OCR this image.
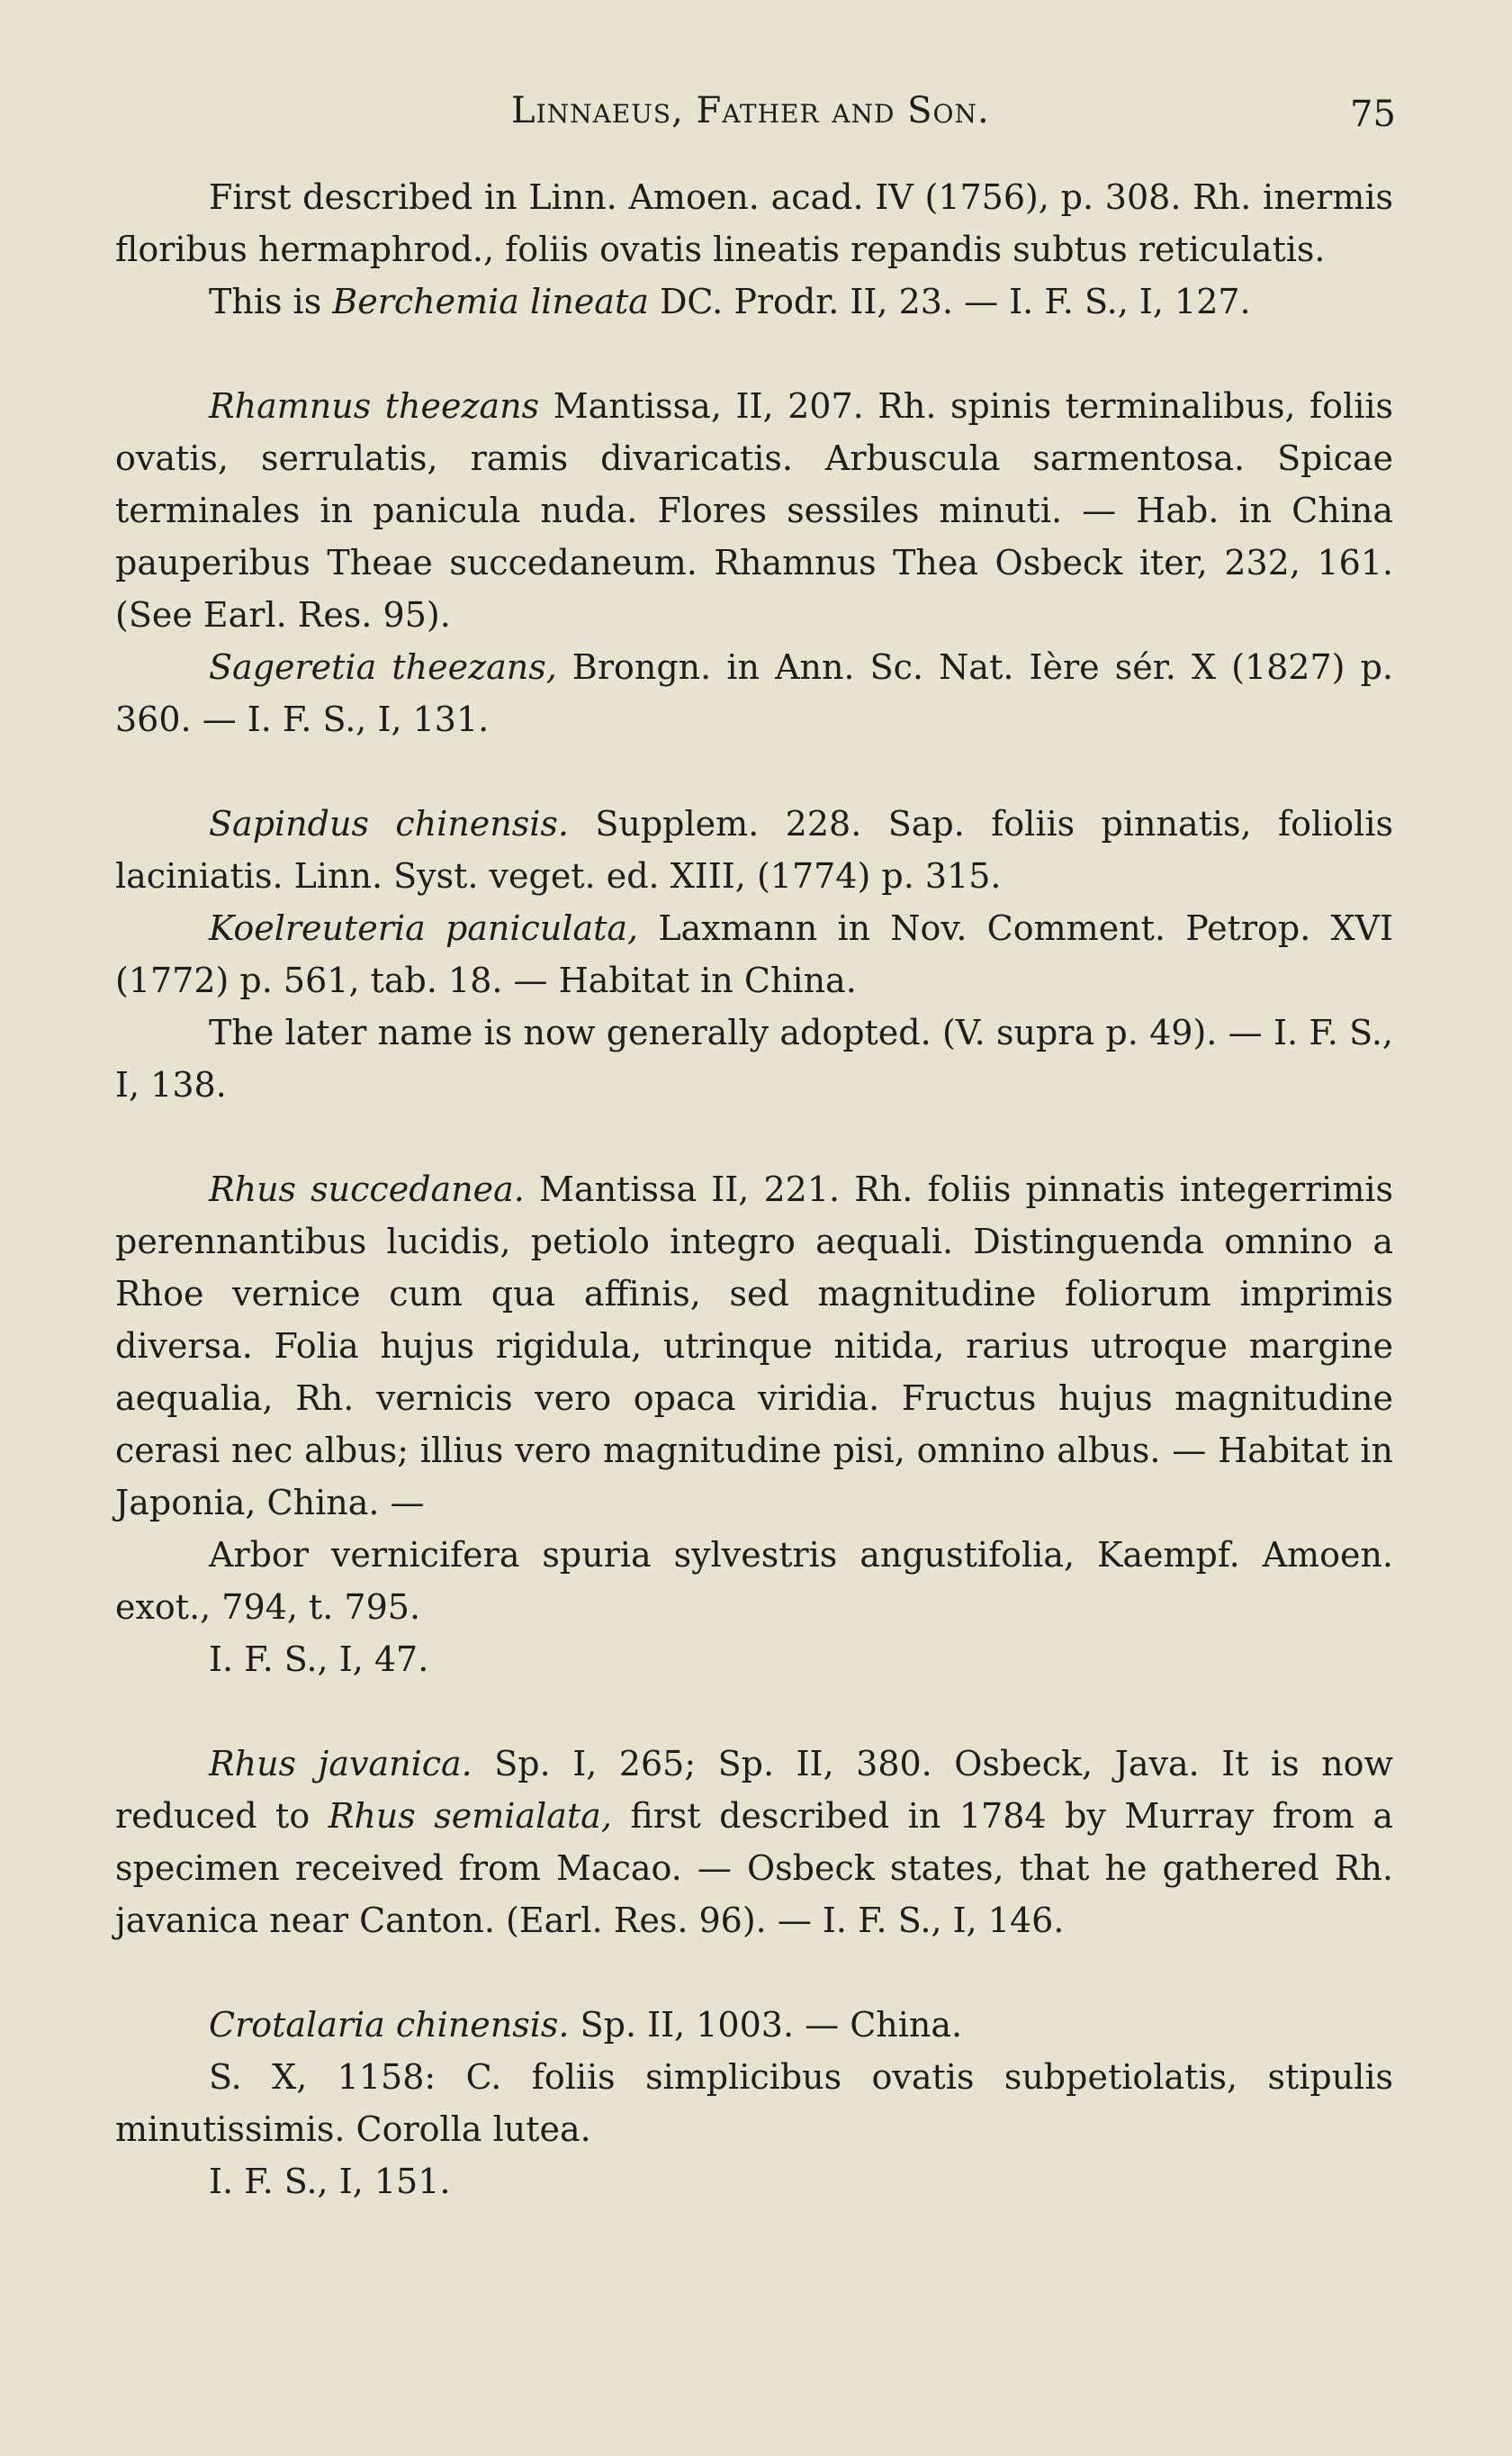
Linnaeus, Father and Son.	75

First described in Linn. Amoen. acad. IV (1756), p. 308. Rh. inermis floribus hermaphrod., foliis ovatis lineatis repandis subtus reticulatis.

This is Berchemia lineata DC. Prodr. II, 23. — I. F. S., I, 127.

Rhamnus theezans Mantissa, II, 207. Rh. spinis terminalibus, foliis ovatis, serrulatis, ramis divaricatis. Arbuscula sarmentosa. Spicae terminales in panicula nuda. Flores sessiles minuti. — Hab. in China pauperibus Theae succedaneum. Rhamnus Thea Osbeck iter, 232, 161. (See Earl. Res. 95).

Sageretia theezans, Brongn. in Ann. Sc. Nat. Ière sér. X (1827) p. 360. — I. F. S., I, 131.

Sapindus chinensis. Supplem. 228. Sap. foliis pinnatis, foliolis laciniatis. Linn. Syst. veget. ed. XIII, (1774) p. 315.

Koelreuteria paniculata, Laxmann in Nov. Comment. Petrop. XVI (1772) p. 561, tab. 18. — Habitat in China.

The later name is now generally adopted. (V. supra p. 49). — I. F. S., I, 138.

Rhus succedanea. Mantissa II, 221. Rh. foliis pinnatis integerrimis perennantibus lucidis, petiolo integro aequali. Distinguenda omnino a Rhoe vernice cum qua affinis, sed magnitudine foliorum imprimis diversa. Folia hujus rigidula, utrinque nitida, rarius utroque margine aequalia, Rh. vernicis vero opaca viridia. Fructus hujus magnitudine cerasi nec albus; illius vero magnitudine pisi, omnino albus. — Habitat in Japonia, China. —

Arbor vernicifera spuria sylvestris angustifolia, Kaempf. Amoen. exot., 794, t. 795.

I. F. S., I, 47.

Rhus javanica. Sp. I, 265; Sp. II, 380. Osbeck, Java. It is now reduced to Rhus semialata, first described in 1784 by Murray from a specimen received from Macao. — Osbeck states, that he gathered Rh. javanica near Canton. (Earl. Res. 96). — I. F. S., I, 146.

Crotalaria chinensis. Sp. II, 1003. — China.

S. X, 1158: C. foliis simplicibus ovatis subpetiolatis, stipulis minutissimis. Corolla lutea.

I. F. S., I, 151.
